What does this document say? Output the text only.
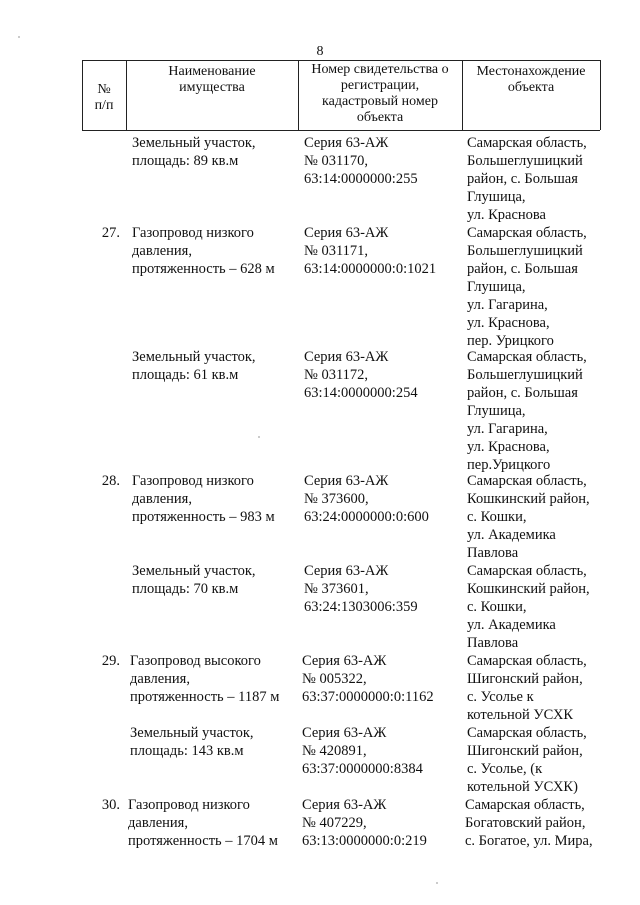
8
№
п/п
Наименование
имущества
Номер свидетельства о
регистрации,
кадастровый номер
объекта
Местонахождение
объекта
Земельный участок,
площадь: 89 кв.м
Серия 63-АЖ
№ 031170,
63:14:0000000:255
Самарская область,
Большеглушицкий
район, с. Большая
Глушица,
ул. Краснова
27. Газопровод низкого
давления,
протяженность – 628 м
Серия 63-АЖ
№ 031171,
63:14:0000000:0:1021
Самарская область,
Большеглушицкий
район, с. Большая
Глушица,
ул. Гагарина,
ул. Краснова,
пер. Урицкого
Земельный участок,
площадь: 61 кв.м
Серия 63-АЖ
№ 031172,
63:14:0000000:254
Самарская область,
Большеглушицкий
район, с. Большая
Глушица,
ул. Гагарина,
ул. Краснова,
пер.Урицкого
28. Газопровод низкого
давления,
протяженность – 983 м
Серия 63-АЖ
№ 373600,
63:24:0000000:0:600
Самарская область,
Кошкинский район,
с. Кошки,
ул. Академика
Павлова
Земельный участок,
площадь: 70 кв.м
Серия 63-АЖ
№ 373601,
63:24:1303006:359
Самарская область,
Кошкинский район,
с. Кошки,
ул. Академика
Павлова
29. Газопровод высокого
давления,
протяженность – 1187 м
Серия 63-АЖ
№ 005322,
63:37:0000000:0:1162
Самарская область,
Шигонский район,
с. Усолье к
котельной УСХК
Земельный участок,
площадь: 143 кв.м
Серия 63-АЖ
№ 420891,
63:37:0000000:8384
Самарская область,
Шигонский район,
с. Усолье, (к
котельной УСХК)
30. Газопровод низкого
давления,
протяженность – 1704 м
Серия 63-АЖ
№ 407229,
63:13:0000000:0:219
Самарская область,
Богатовский район,
с. Богатое, ул. Мира,
